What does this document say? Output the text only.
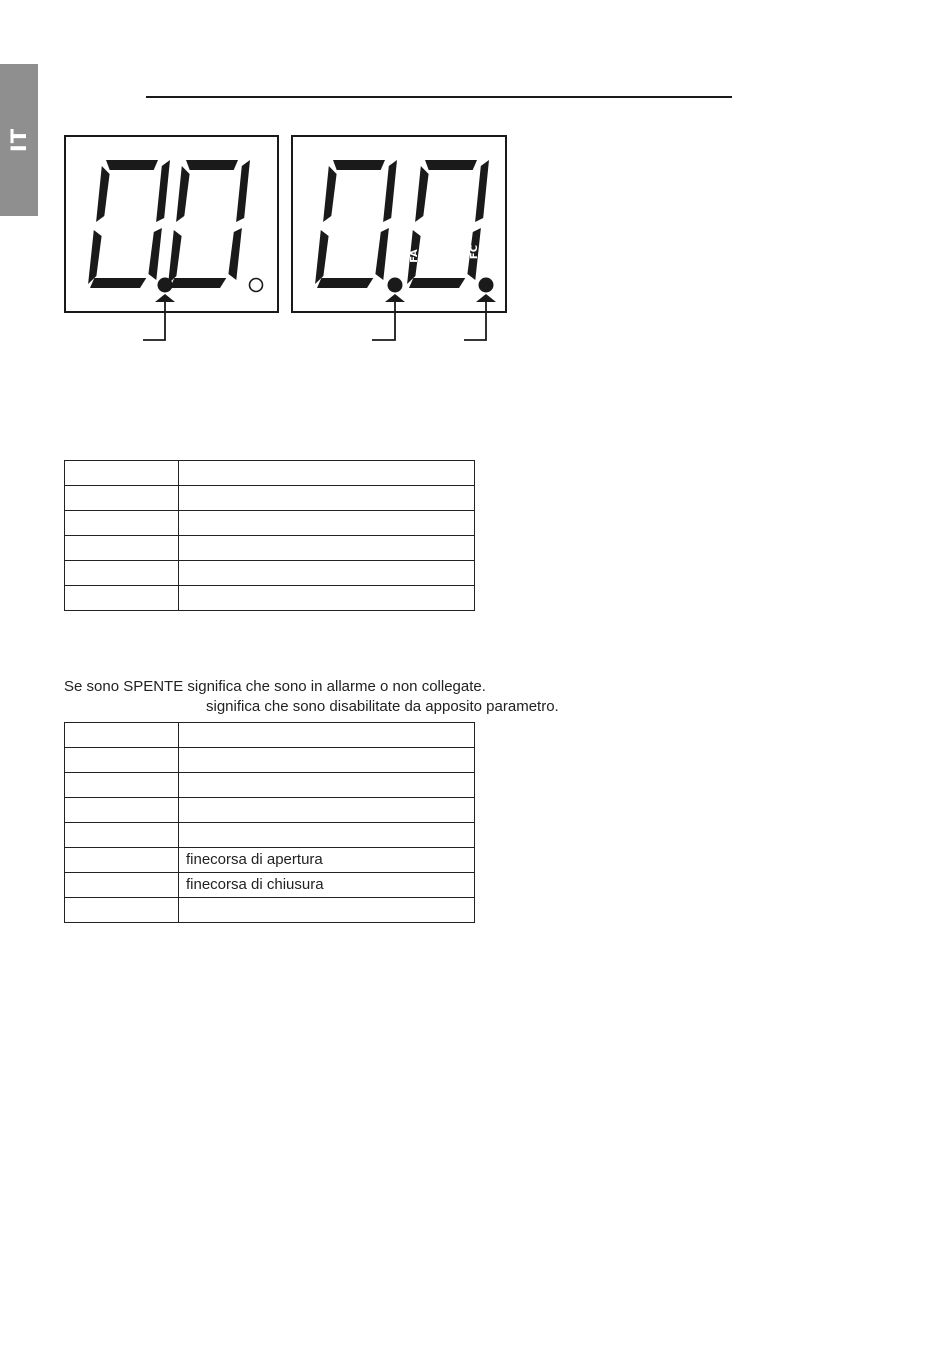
IT
FA	FC

Se sono SPENTE significa che sono in allarme o non collegate.
significa che sono disabilitate da apposito parametro.

	finecorsa di apertura
	finecorsa di chiusura
